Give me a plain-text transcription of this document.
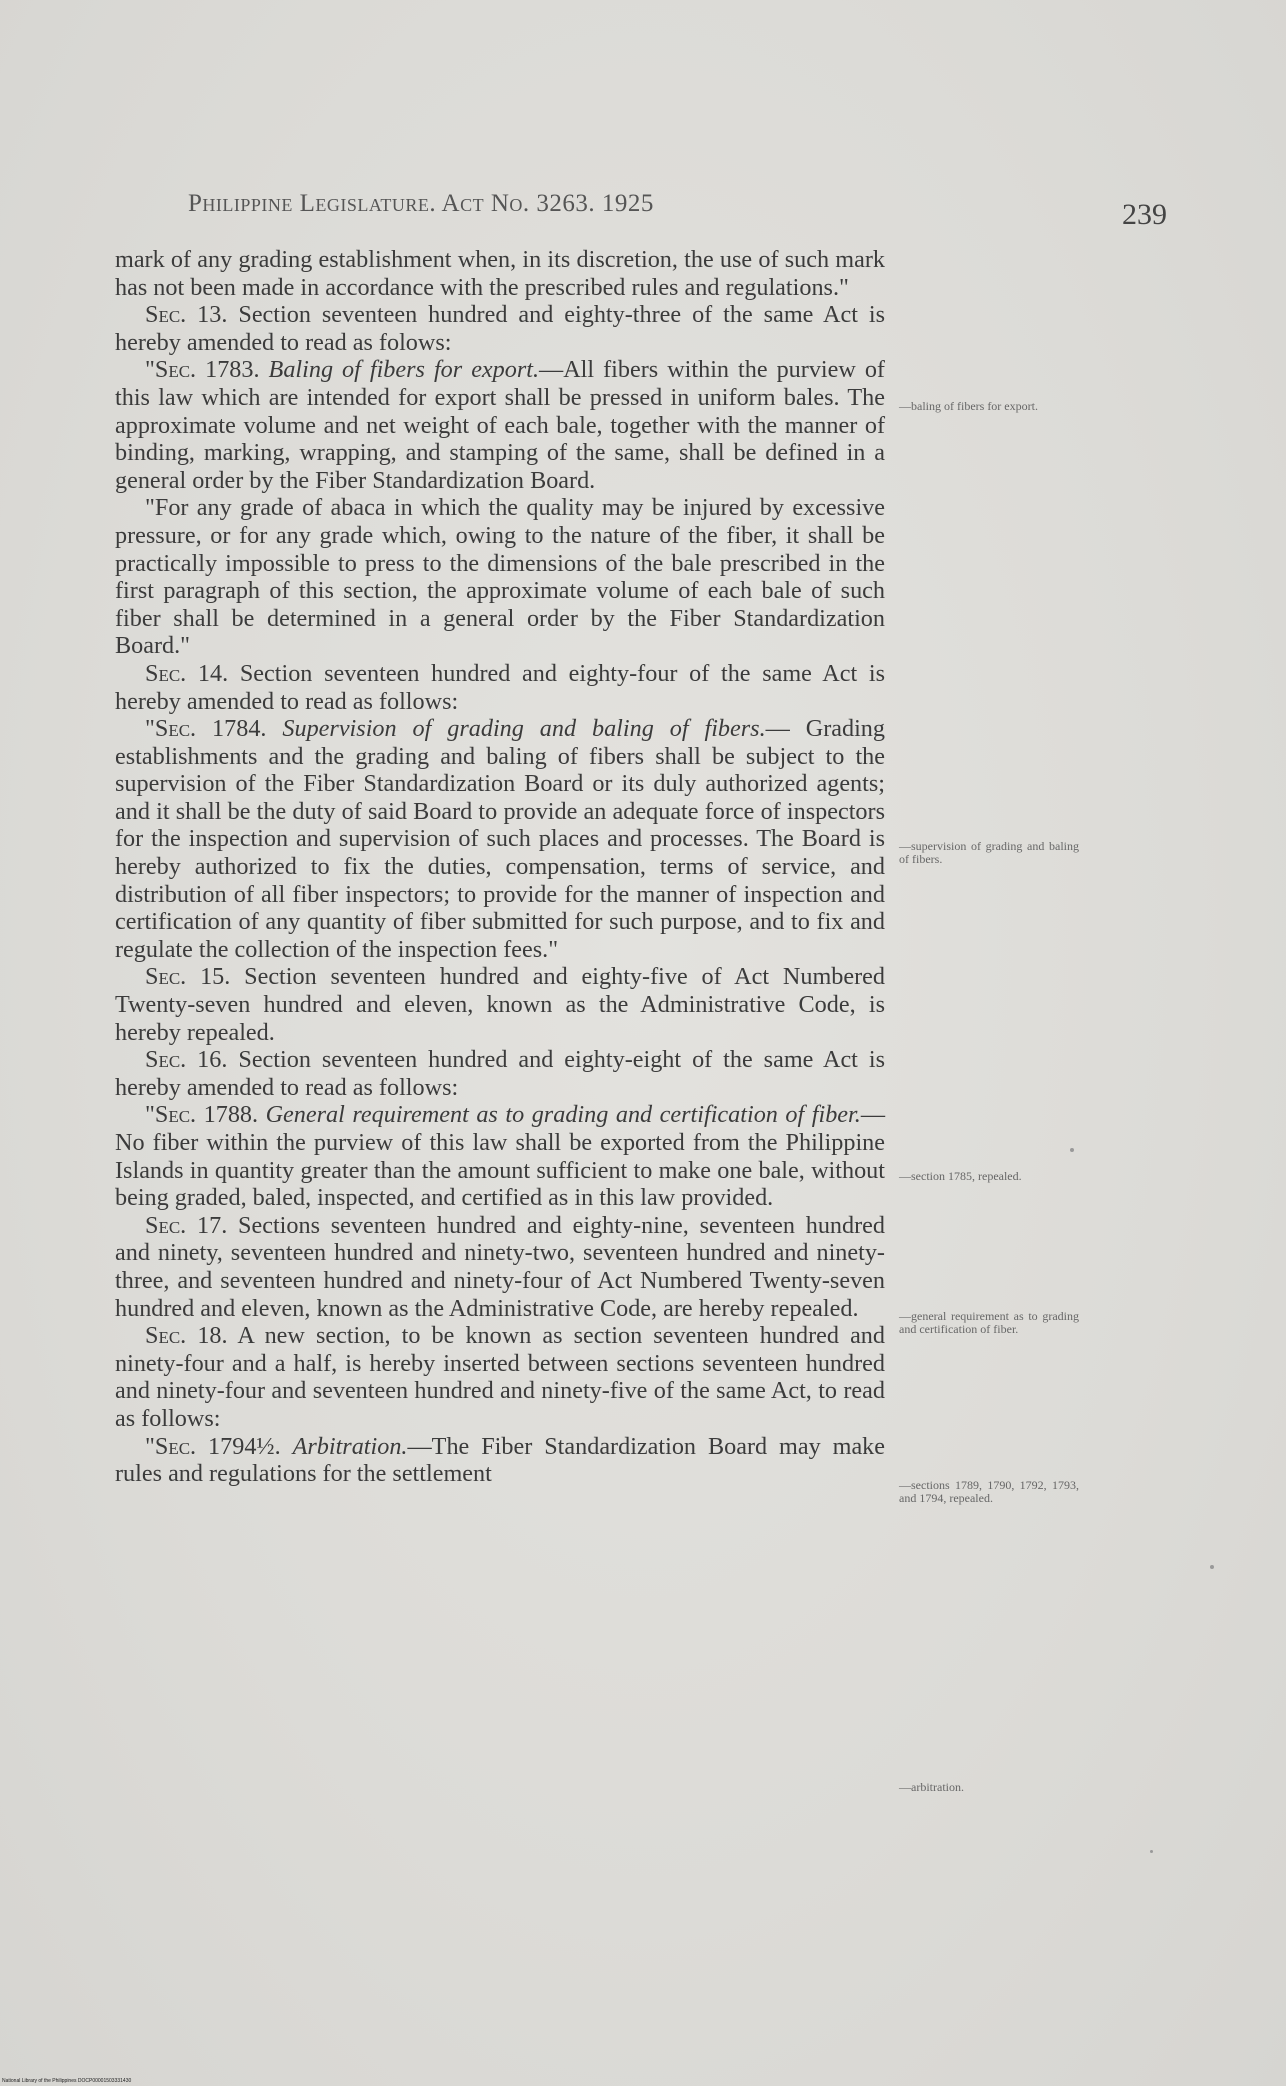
Philippine Legislature. Act No. 3263. 1925	239

mark of any grading establishment when, in its discretion, the use of such mark has not been made in accordance with the prescribed rules and regulations."

Sec. 13. Section seventeen hundred and eighty-three of the same Act is hereby amended to read as folows:

"Sec. 1783. Baling of fibers for export.—All fibers within the purview of this law which are intended for export shall be pressed in uniform bales. The approximate volume and net weight of each bale, together with the manner of binding, marking, wrapping, and stamping of the same, shall be defined in a general order by the Fiber Standardization Board.

"For any grade of abaca in which the quality may be injured by excessive pressure, or for any grade which, owing to the nature of the fiber, it shall be practically impossible to press to the dimensions of the bale prescribed in the first paragraph of this section, the approximate volume of each bale of such fiber shall be determined in a general order by the Fiber Standardization Board."

Sec. 14. Section seventeen hundred and eighty-four of the same Act is hereby amended to read as follows:

"Sec. 1784. Supervision of grading and baling of fibers.— Grading establishments and the grading and baling of fibers shall be subject to the supervision of the Fiber Standardization Board or its duly authorized agents; and it shall be the duty of said Board to provide an adequate force of inspectors for the inspection and supervision of such places and processes. The Board is hereby authorized to fix the duties, compensation, terms of service, and distribution of all fiber inspectors; to provide for the manner of inspection and certification of any quantity of fiber submitted for such purpose, and to fix and regulate the collection of the inspection fees."

Sec. 15. Section seventeen hundred and eighty-five of Act Numbered Twenty-seven hundred and eleven, known as the Administrative Code, is hereby repealed.

Sec. 16. Section seventeen hundred and eighty-eight of the same Act is hereby amended to read as follows:

"Sec. 1788. General requirement as to grading and certification of fiber.—No fiber within the purview of this law shall be exported from the Philippine Islands in quantity greater than the amount sufficient to make one bale, without being graded, baled, inspected, and certified as in this law provided.

Sec. 17. Sections seventeen hundred and eighty-nine, seventeen hundred and ninety, seventeen hundred and ninety-two, seventeen hundred and ninety-three, and seventeen hundred and ninety-four of Act Numbered Twenty-seven hundred and eleven, known as the Administrative Code, are hereby repealed.

Sec. 18. A new section, to be known as section seventeen hundred and ninety-four and a half, is hereby inserted between sections seventeen hundred and ninety-four and seventeen hundred and ninety-five of the same Act, to read as follows:

"Sec. 1794½. Arbitration.—The Fiber Standardization Board may make rules and regulations for the settlement

—baling of fibers for export.
—supervision of grading and baling of fibers.
—section 1785, repealed.
—general requirement as to grading and certification of fiber.
—sections 1789, 1790, 1792, 1793, and 1794, repealed.
—arbitration.
National Library of the Philippines DOCP00001503331430
